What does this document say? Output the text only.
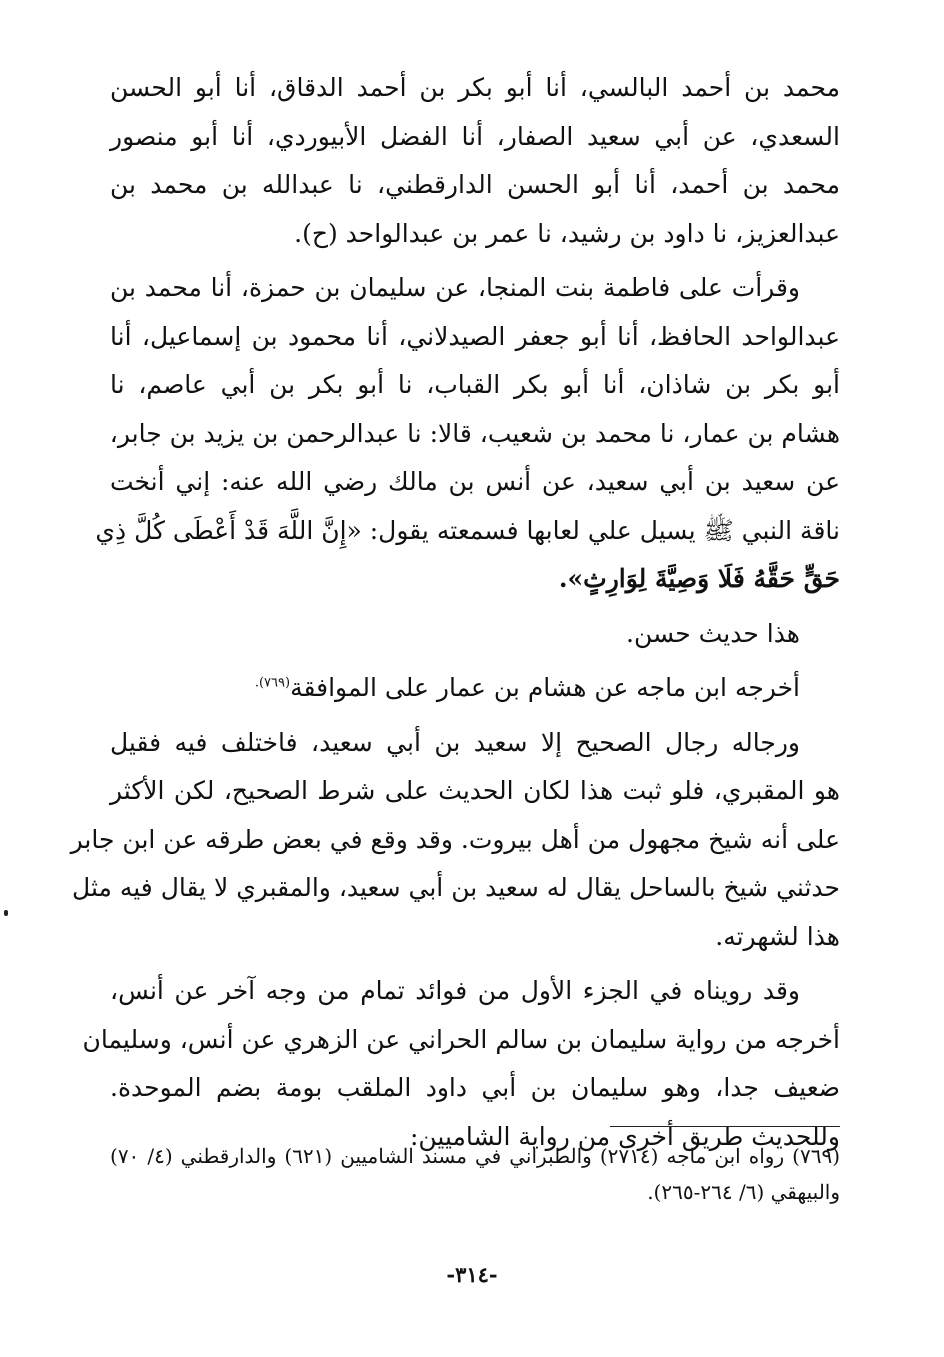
محمد بن أحمد البالسي، أنا أبو بكر بن أحمد الدقاق، أنا أبو الحسن
السعدي، عن أبي سعيد الصفار، أنا الفضل الأبيوردي، أنا أبو منصور
محمد بن أحمد، أنا أبو الحسن الدارقطني، نا عبدالله بن محمد بن
عبدالعزيز، نا داود بن رشيد، نا عمر بن عبدالواحد (ح).

وقرأت على فاطمة بنت المنجا، عن سليمان بن حمزة، أنا محمد بن
عبدالواحد الحافظ، أنا أبو جعفر الصيدلاني، أنا محمود بن إسماعيل، أنا
أبو بكر بن شاذان، أنا أبو بكر القباب، نا أبو بكر بن أبي عاصم، نا
هشام بن عمار، نا محمد بن شعيب، قالا: نا عبدالرحمن بن يزيد بن جابر،
عن سعيد بن أبي سعيد، عن أنس بن مالك رضي الله عنه: إني أنخت
ناقة النبي ﷺ يسيل علي لعابها فسمعته يقول: «إِنَّ اللَّهَ قَدْ أَعْطَى كُلَّ ذِي
حَقٍّ حَقَّهُ فَلَا وَصِيَّةَ لِوَارِثٍ».

هذا حديث حسن.

أخرجه ابن ماجه عن هشام بن عمار على الموافقة$^{(٧٦٩).}$

ورجاله رجال الصحيح إلا سعيد بن أبي سعيد، فاختلف فيه فقيل
هو المقبري، فلو ثبت هذا لكان الحديث على شرط الصحيح، لكن الأكثر
على أنه شيخ مجهول من أهل بيروت. وقد وقع في بعض طرقه عن ابن جابر
حدثني شيخ بالساحل يقال له سعيد بن أبي سعيد، والمقبري لا يقال فيه مثل
هذا لشهرته.

وقد رويناه في الجزء الأول من فوائد تمام من وجه آخر عن أنس،
أخرجه من رواية سليمان بن سالم الحراني عن الزهري عن أنس، وسليمان
ضعيف جدا، وهو سليمان بن أبي داود الملقب بومة بضم الموحدة.
وللحديث طريق أخرى من رواية الشاميين:

(٧٦٩) رواه ابن ماجه (٢٧١٤) والطبراني في مسند الشاميين (٦٢١) والدارقطني (٤/ ٧٠)
والبيهقي (٦/ ٢٦٤-٢٦٥).
-٣١٤-
